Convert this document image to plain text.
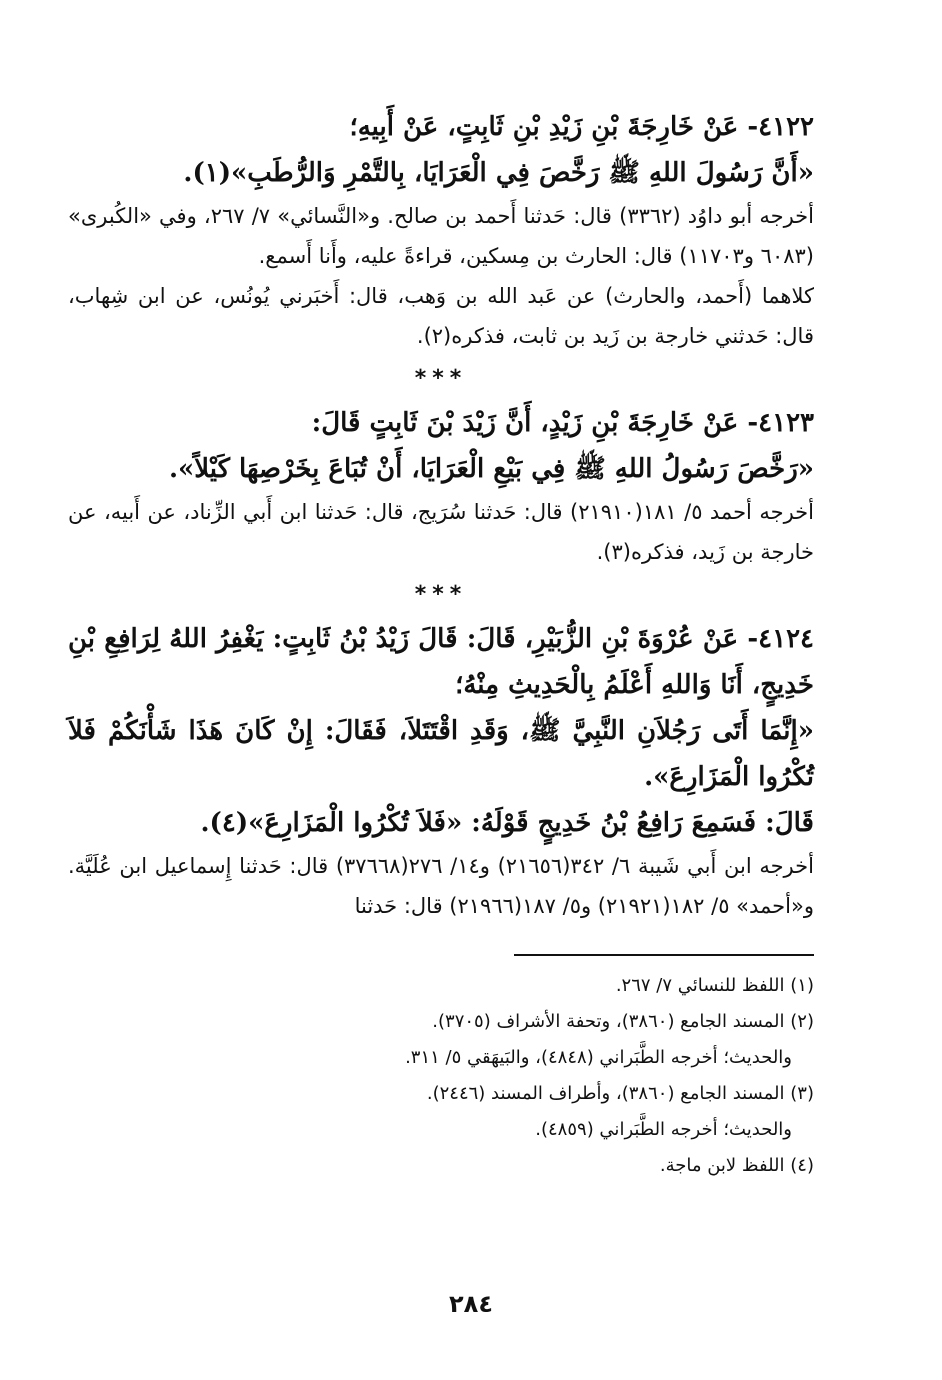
٤١٢٢- عَنْ خَارِجَةَ بْنِ زَيْدِ بْنِ ثَابِتٍ، عَنْ أَبِيهِ؛

«أَنَّ رَسُولَ اللهِ ﷺ رَخَّصَ فِي الْعَرَايَا، بِالتَّمْرِ وَالرُّطَبِ»(١).

أخرجه أبو داوُد (٣٣٦٢) قال: حَدثنا أَحمد بن صالح. و«النَّسائي» ٧/ ٢٦٧، وفي «الكُبرى» (٦٠٨٣ و١١٧٠٣) قال: الحارث بن مِسكين، قراءةً عليه، وأَنا أَسمع.

كلاهما (أَحمد، والحارث) عن عَبد الله بن وَهب، قال: أَخبَرني يُونُس، عن ابن شِهاب، قال: حَدثني خارجة بن زَيد بن ثابت، فذكره(٢).

***

٤١٢٣- عَنْ خَارِجَةَ بْنِ زَيْدٍ، أَنَّ زَيْدَ بْنَ ثَابِتٍ قَالَ:

«رَخَّصَ رَسُولُ اللهِ ﷺ فِي بَيْعِ الْعَرَايَا، أَنْ تُبَاعَ بِخَرْصِهَا كَيْلاً».

أخرجه أحمد ٥/ ١٨١(٢١٩١٠) قال: حَدثنا سُرَيج، قال: حَدثنا ابن أَبي الزِّناد، عن أَبيه، عن خارجة بن زَيد، فذكره(٣).

***

٤١٢٤- عَنْ عُرْوَةَ بْنِ الزُّبَيْرِ، قَالَ: قَالَ زَيْدُ بْنُ ثَابِتٍ: يَغْفِرُ اللهُ لِرَافِعِ بْنِ خَدِيجٍ، أَنَا وَاللهِ أَعْلَمُ بِالْحَدِيثِ مِنْهُ؛

«إِنَّمَا أَتَى رَجُلاَنِ النَّبِيَّ ﷺ، وَقَدِ اقْتَتَلاَ، فَقَالَ: إِنْ كَانَ هَذَا شَأْنَكُمْ فَلاَ تُكْرُوا الْمَزَارِعَ».

قَالَ: فَسَمِعَ رَافِعُ بْنُ خَدِيجٍ قَوْلَهُ: «فَلاَ تُكْرُوا الْمَزَارِعَ»(٤).

أخرجه ابن أَبي شَيبة ٦/ ٣٤٢(٢١٦٥٦) و١٤/ ٢٧٦(٣٧٦٦٨) قال: حَدثنا إِسماعيل ابن عُلَيَّة. و«أحمد» ٥/ ١٨٢(٢١٩٢١) و٥/ ١٨٧(٢١٩٦٦) قال: حَدثنا

(١) اللفظ للنسائي ٧/ ٢٦٧.

(٢) المسند الجامع (٣٨٦٠)، وتحفة الأشراف (٣٧٠٥).

والحديث؛ أخرجه الطَّبَراني (٤٨٤٨)، والبَيهَقي ٥/ ٣١١.

(٣) المسند الجامع (٣٨٦٠)، وأطراف المسند (٢٤٤٦).

والحديث؛ أخرجه الطَّبَراني (٤٨٥٩).

(٤) اللفظ لابن ماجة.

٢٨٤
